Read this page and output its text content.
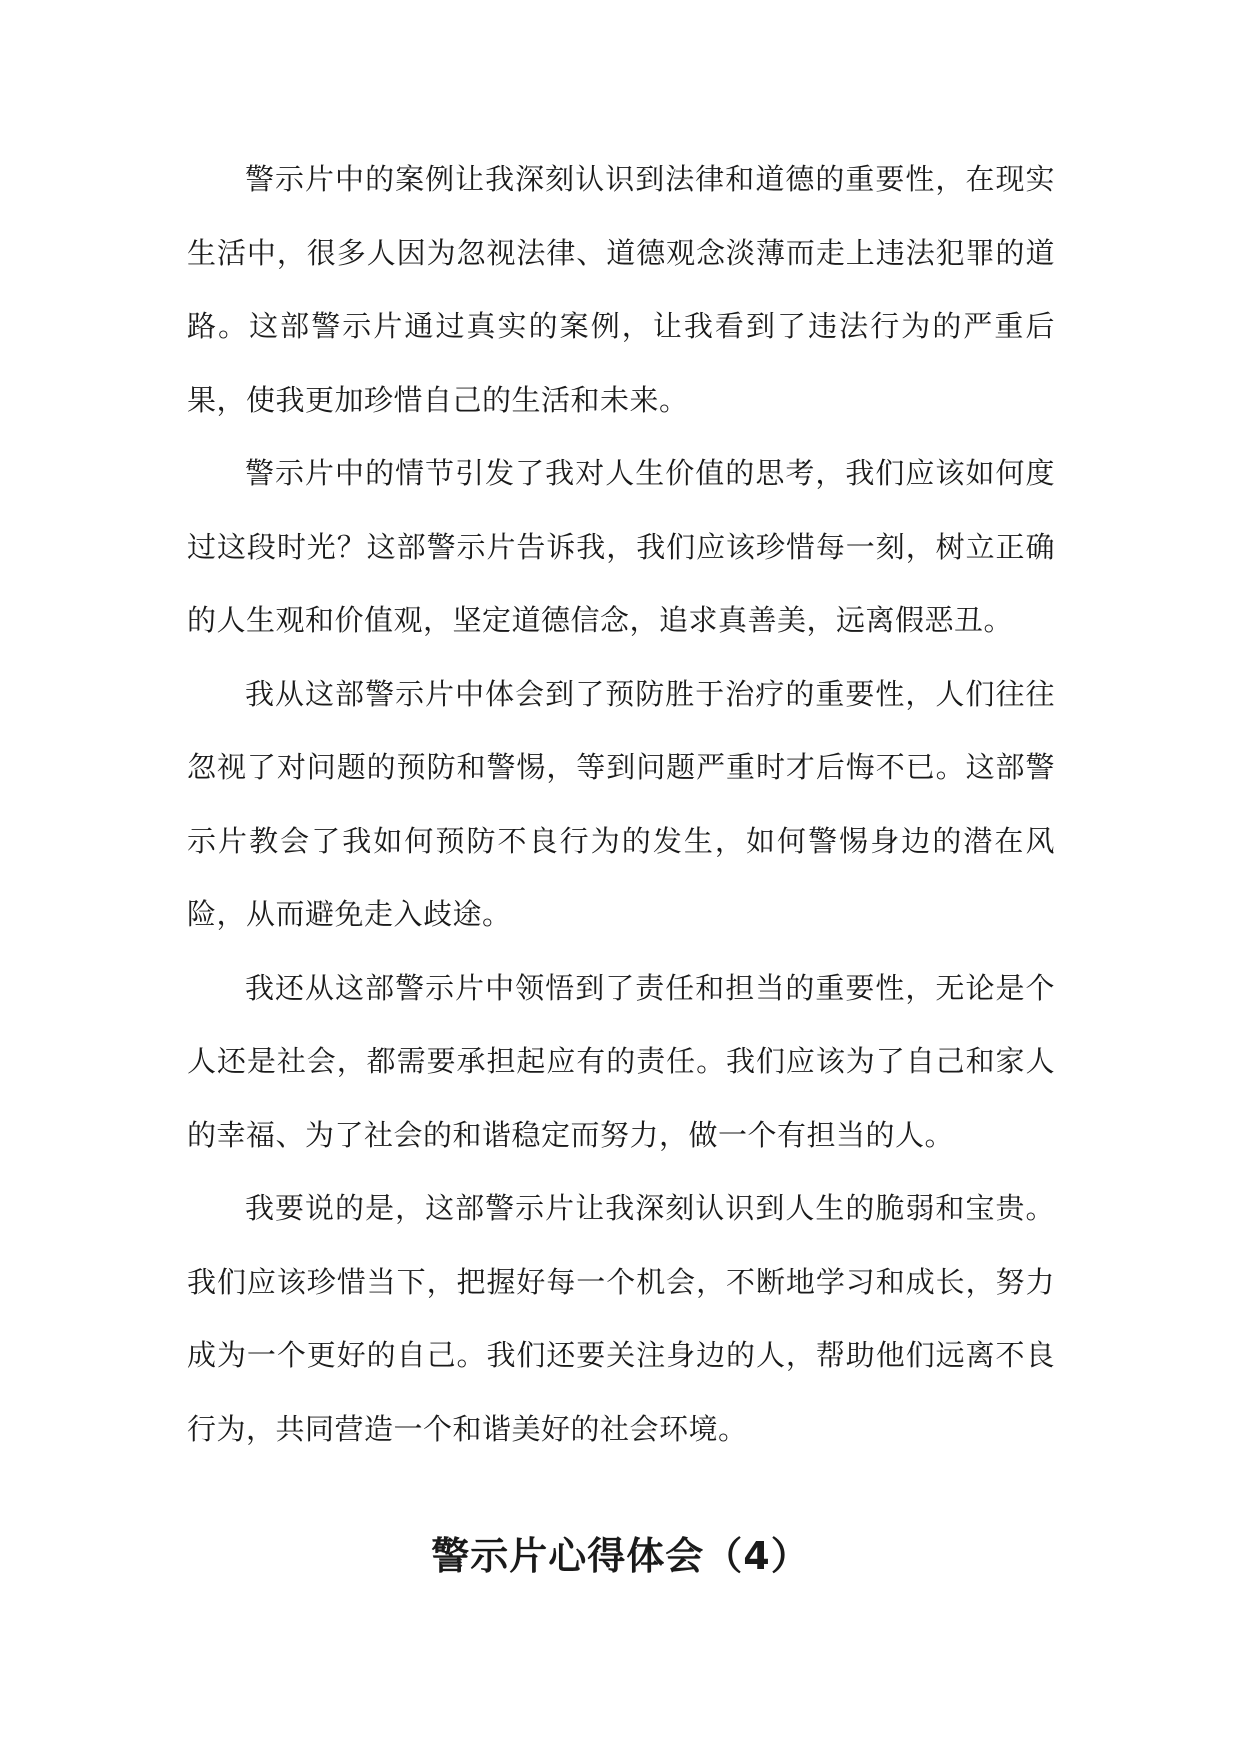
警示片中的案例让我深刻认识到法律和道德的重要性，在现实生活中，很多人因为忽视法律、道德观念淡薄而走上违法犯罪的道路。这部警示片通过真实的案例，让我看到了违法行为的严重后果，使我更加珍惜自己的生活和未来。

警示片中的情节引发了我对人生价值的思考，我们应该如何度过这段时光？这部警示片告诉我，我们应该珍惜每一刻，树立正确的人生观和价值观，坚定道德信念，追求真善美，远离假恶丑。

我从这部警示片中体会到了预防胜于治疗的重要性，人们往往忽视了对问题的预防和警惕，等到问题严重时才后悔不已。这部警示片教会了我如何预防不良行为的发生，如何警惕身边的潜在风险，从而避免走入歧途。

我还从这部警示片中领悟到了责任和担当的重要性，无论是个人还是社会，都需要承担起应有的责任。我们应该为了自己和家人的幸福、为了社会的和谐稳定而努力，做一个有担当的人。

我要说的是，这部警示片让我深刻认识到人生的脆弱和宝贵。我们应该珍惜当下，把握好每一个机会，不断地学习和成长，努力成为一个更好的自己。我们还要关注身边的人，帮助他们远离不良行为，共同营造一个和谐美好的社会环境。

警示片心得体会（4）
